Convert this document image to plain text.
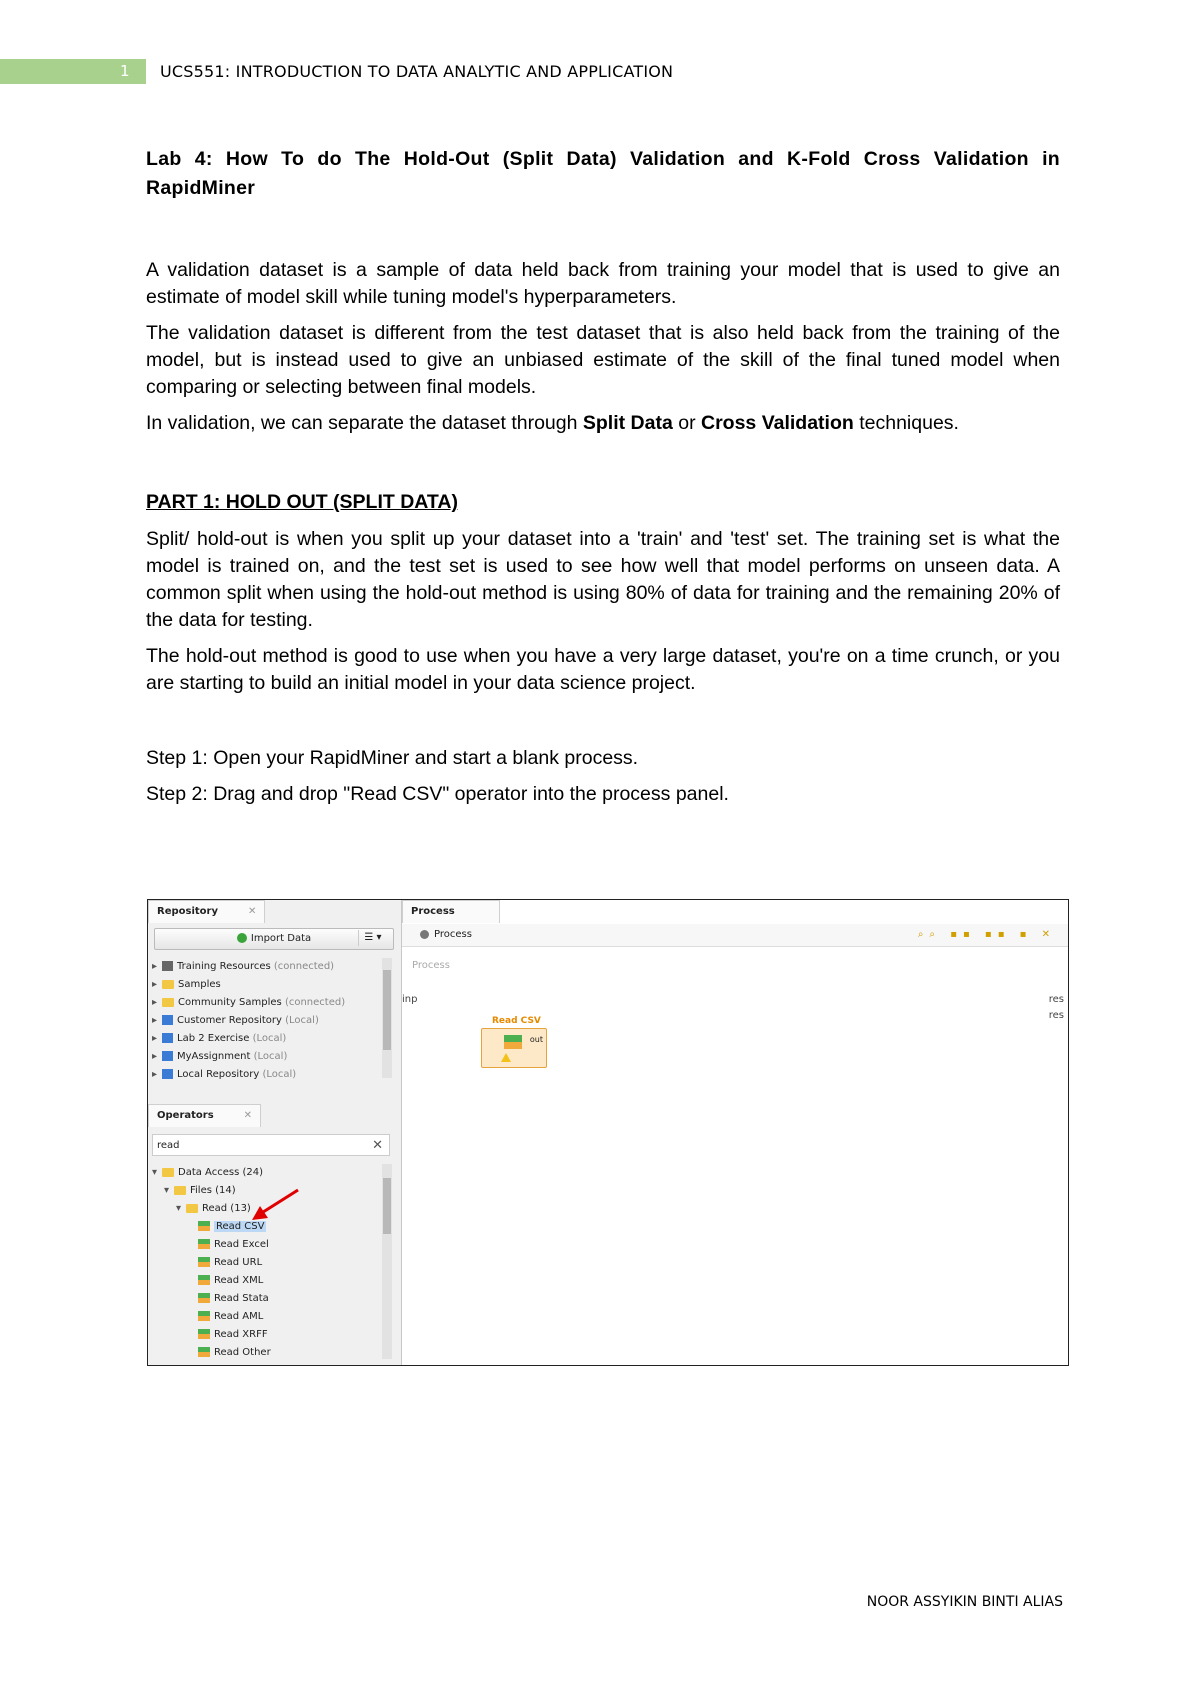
1 UCS551: INTRODUCTION TO DATA ANALYTIC AND APPLICATION
Lab 4: How To do The Hold-Out (Split Data) Validation and K-Fold Cross Validation in RapidMiner

A validation dataset is a sample of data held back from training your model that is used to give an estimate of model skill while tuning model's hyperparameters.

The validation dataset is different from the test dataset that is also held back from the training of the model, but is instead used to give an unbiased estimate of the skill of the final tuned model when comparing or selecting between final models.

In validation, we can separate the dataset through Split Data or Cross Validation techniques.

PART 1: HOLD OUT (SPLIT DATA)

Split/ hold-out is when you split up your dataset into a 'train' and 'test' set. The training set is what the model is trained on, and the test set is used to see how well that model performs on unseen data. A common split when using the hold-out method is using 80% of data for training and the remaining 20% of the data for testing.

The hold-out method is good to use when you have a very large dataset, you're on a time crunch, or you are starting to build an initial model in your data science project.

Step 1: Open your RapidMiner and start a blank process.

Step 2: Drag and drop "Read CSV" operator into the process panel.

Repository	✕
Import Data	☰ ▾
▸ Training Resources (connected)
▸ Samples
▸ Community Samples (connected)
▸ Customer Repository (Local)
▸ Lab 2 Exercise (Local)
▸ MyAssignment (Local)
▸ Local Repository (Local)
Operators	✕
read	✕
▾ Data Access (24)
▾ Files (14)
▾ Read (13)
Read CSV
Read Excel
Read URL
Read XML
Read Stata
Read AML
Read XRFF
Read Other
Process
Process	⌕⌕ ▪▪ ▪▪ ▪ ✕
Process
inp	res
res
Read CSV
out
NOOR ASSYIKIN BINTI ALIAS
